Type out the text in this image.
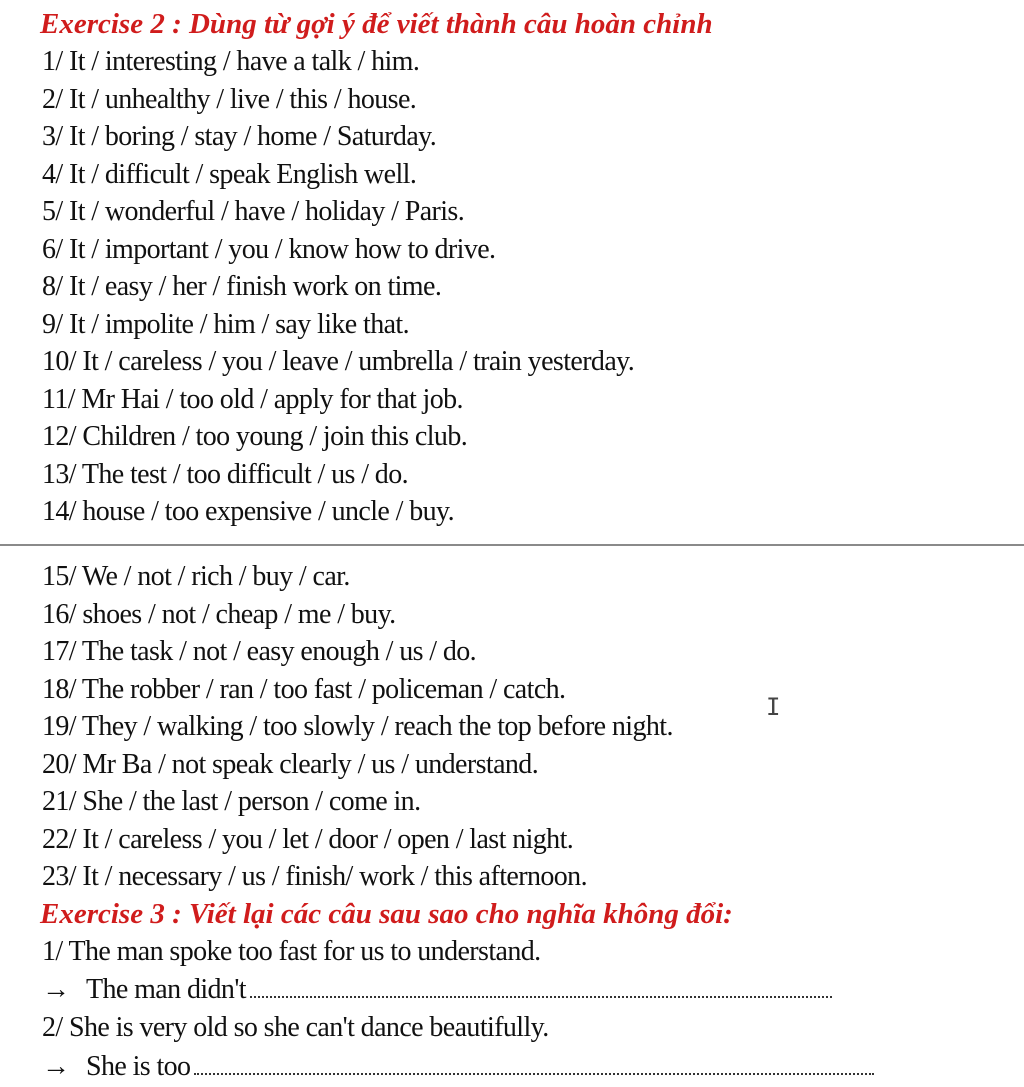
Exercise 2 : Dùng từ gợi ý để viết thành câu hoàn chỉnh
1/ It / interesting / have a talk / him.
2/ It / unhealthy / live / this / house.
3/ It / boring / stay / home / Saturday.
4/ It / difficult / speak English well.
5/ It / wonderful / have / holiday / Paris.
6/ It / important / you / know how to drive.
8/ It / easy / her / finish work on time.
9/ It / impolite / him / say like that.
10/ It / careless / you / leave / umbrella / train yesterday.
11/ Mr Hai / too old / apply for that job.
12/ Children / too young / join this club.
13/ The test / too difficult / us / do.
14/ house / too expensive / uncle / buy.
15/ We / not / rich / buy / car.
16/ shoes / not / cheap / me / buy.
17/ The task / not / easy enough / us / do.
18/ The robber / ran / too fast / policeman / catch.
19/ They / walking / too slowly / reach the top before night.
20/ Mr Ba / not speak clearly / us / understand.
21/ She / the last / person / come in.
22/ It / careless / you / let / door / open / last night.
23/ It / necessary / us / finish/ work / this afternoon.
Exercise 3 : Viết lại các câu sau sao cho nghĩa không đổi:
1/ The man spoke too fast for us to understand.
→ The man didn't
2/ She is very old so she can't dance beautifully.
→ She is too
I
